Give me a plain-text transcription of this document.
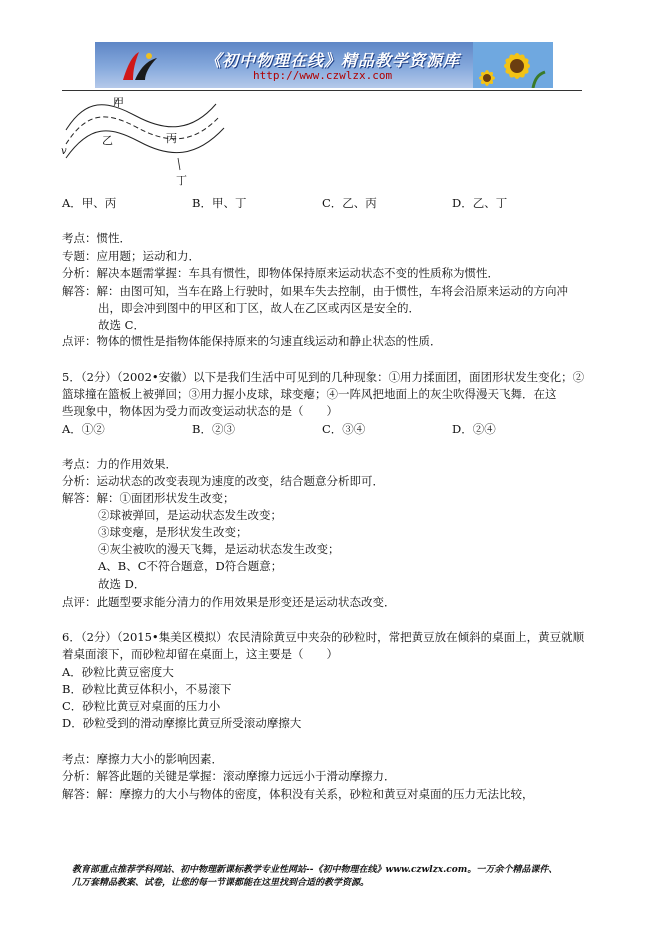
《初中物理在线》精品教学资源库
http://www.czwlzx.com
甲
乙	丙
丁
v
A．甲、丙	B．甲、丁	C．乙、丙	D．乙、丁
考点：惯性．
专题：应用题；运动和力．
分析：解决本题需掌握：车具有惯性，即物体保持原来运动状态不变的性质称为惯性．
解答：解：由图可知，当车在路上行驶时，如果车失去控制，由于惯性，车将会沿原来运动的方向冲
出，即会冲到图中的甲区和丁区，故人在乙区或丙区是安全的．
故选 C．
点评：物体的惯性是指物体能保持原来的匀速直线运动和静止状态的性质．
5．（2分）（2002•安徽）以下是我们生活中可见到的几种现象：①用力揉面团，面团形状发生变化；②
篮球撞在篮板上被弹回；③用力握小皮球，球变瘪；④一阵风把地面上的灰尘吹得漫天飞舞．在这
些现象中，物体因为受力而改变运动状态的是（　　）
A．①②	B．②③	C．③④	D．②④
考点：力的作用效果．
分析：运动状态的改变表现为速度的改变，结合题意分析即可．
解答：解：①面团形状发生改变；
②球被弹回，是运动状态发生改变；
③球变瘪，是形状发生改变；
④灰尘被吹的漫天飞舞，是运动状态发生改变；
A、B、C不符合题意，D符合题意；
故选 D．
点评：此题型要求能分清力的作用效果是形变还是运动状态改变．
6．（2分）（2015•集美区模拟）农民清除黄豆中夹杂的砂粒时，常把黄豆放在倾斜的桌面上，黄豆就顺
着桌面滚下，而砂粒却留在桌面上，这主要是（　　）
A．砂粒比黄豆密度大
B．砂粒比黄豆体积小，不易滚下
C．砂粒比黄豆对桌面的压力小
D．砂粒受到的滑动摩擦比黄豆所受滚动摩擦大
考点：摩擦力大小的影响因素．
分析：解答此题的关键是掌握：滚动摩擦力远远小于滑动摩擦力．
解答：解：摩擦力的大小与物体的密度，体积没有关系，砂粒和黄豆对桌面的压力无法比较，
教育部重点推荐学科网站、初中物理新课标教学专业性网站--《初中物理在线》www.czwlzx.com。一万余个精品课件、
几万套精品教案、试卷，让您的每一节课都能在这里找到合适的教学资源。
